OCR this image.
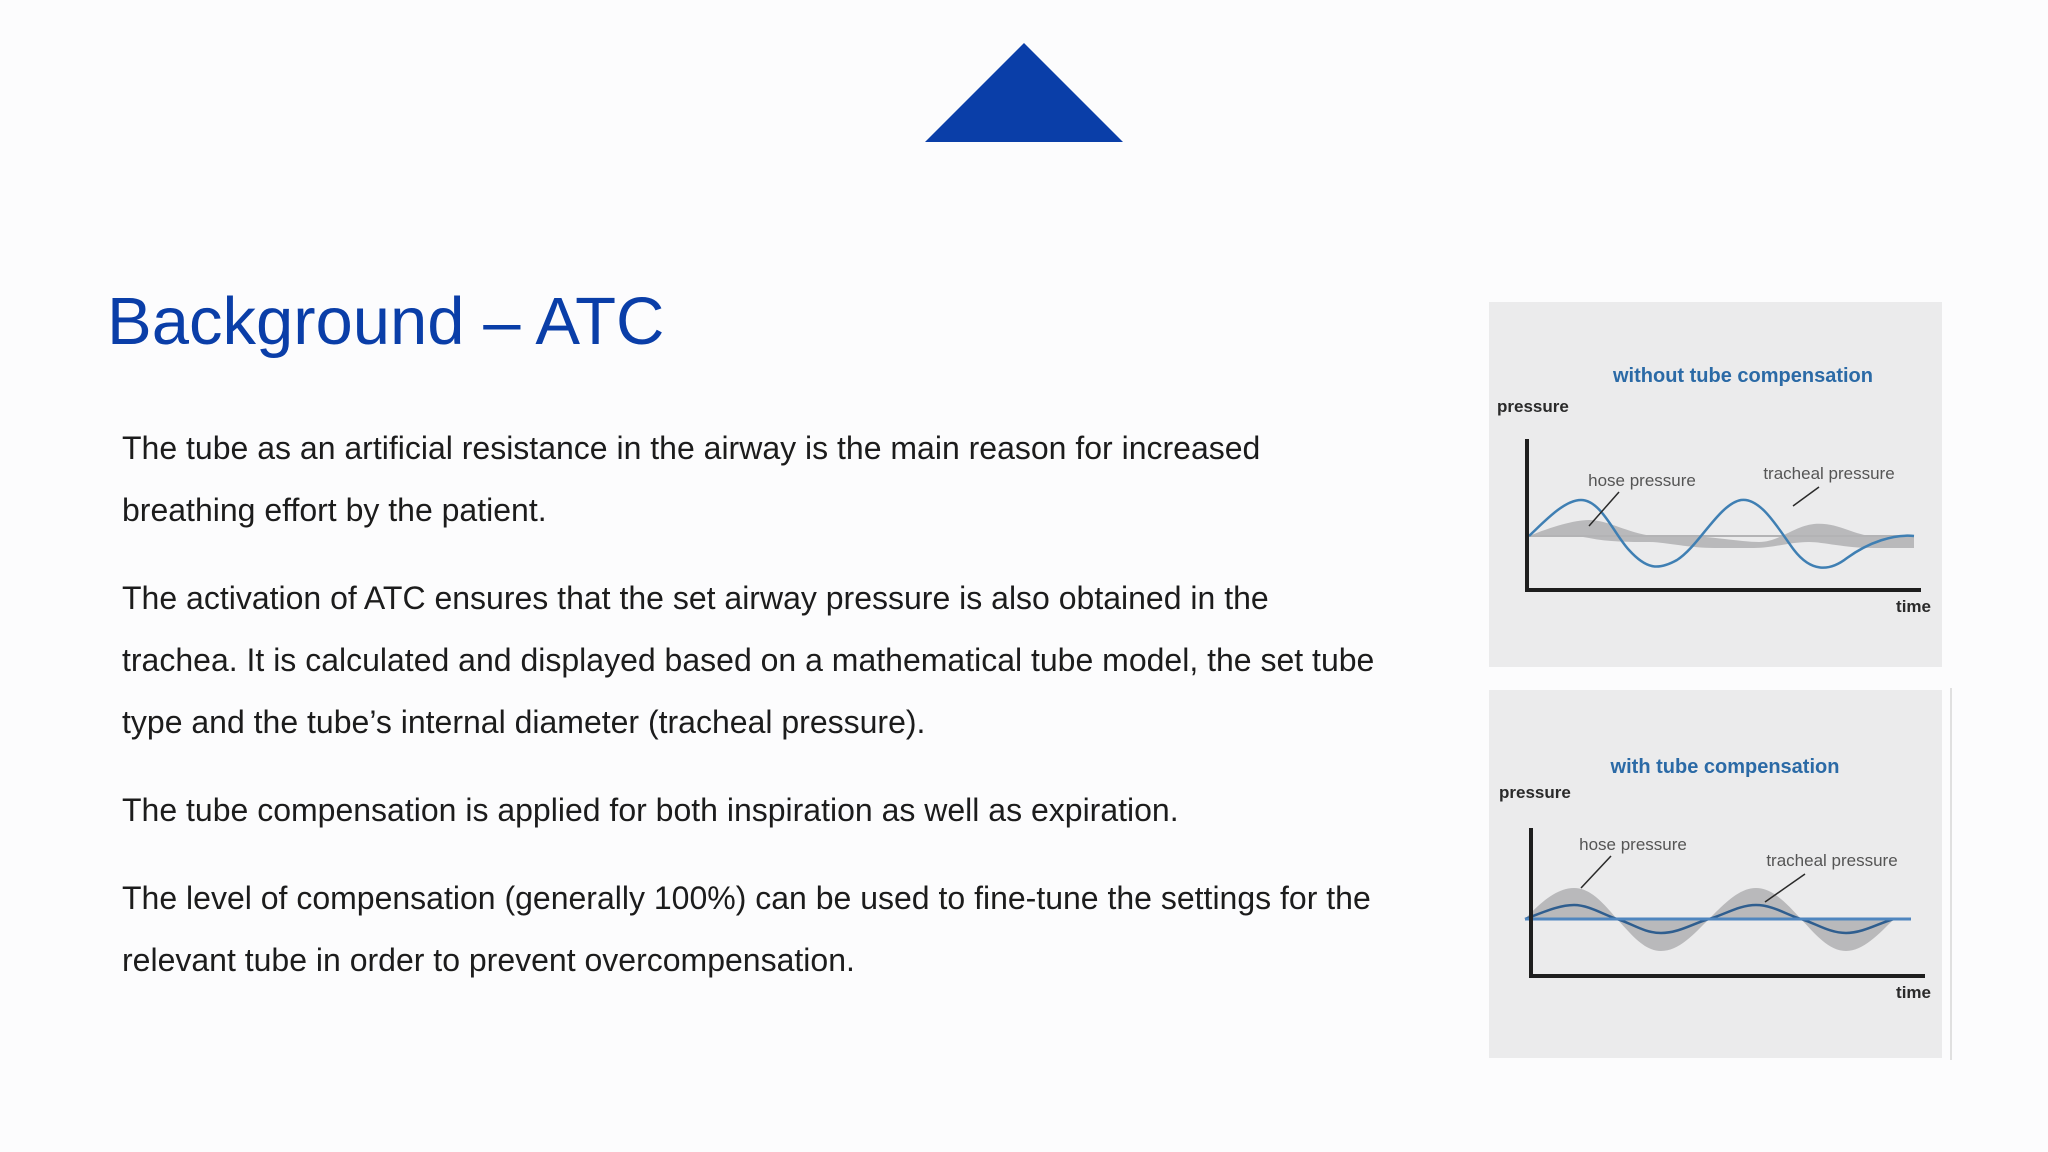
Background – ATC

The tube as an artificial resistance in the airway is the main reason for increased breathing effort by the patient.

The activation of ATC ensures that the set airway pressure is also obtained in the trachea. It is calculated and displayed based on a mathematical tube model, the set tube type and the tube’s internal diameter (tracheal pressure).

The tube compensation is applied for both inspiration as well as expiration.

The level of compensation (generally 100%) can be used to fine-tune the settings for the relevant tube in order to prevent overcompensation.

without tube compensation
pressure
time
hose pressure	tracheal pressure
with tube compensation
pressure
time
hose pressure
tracheal pressure
